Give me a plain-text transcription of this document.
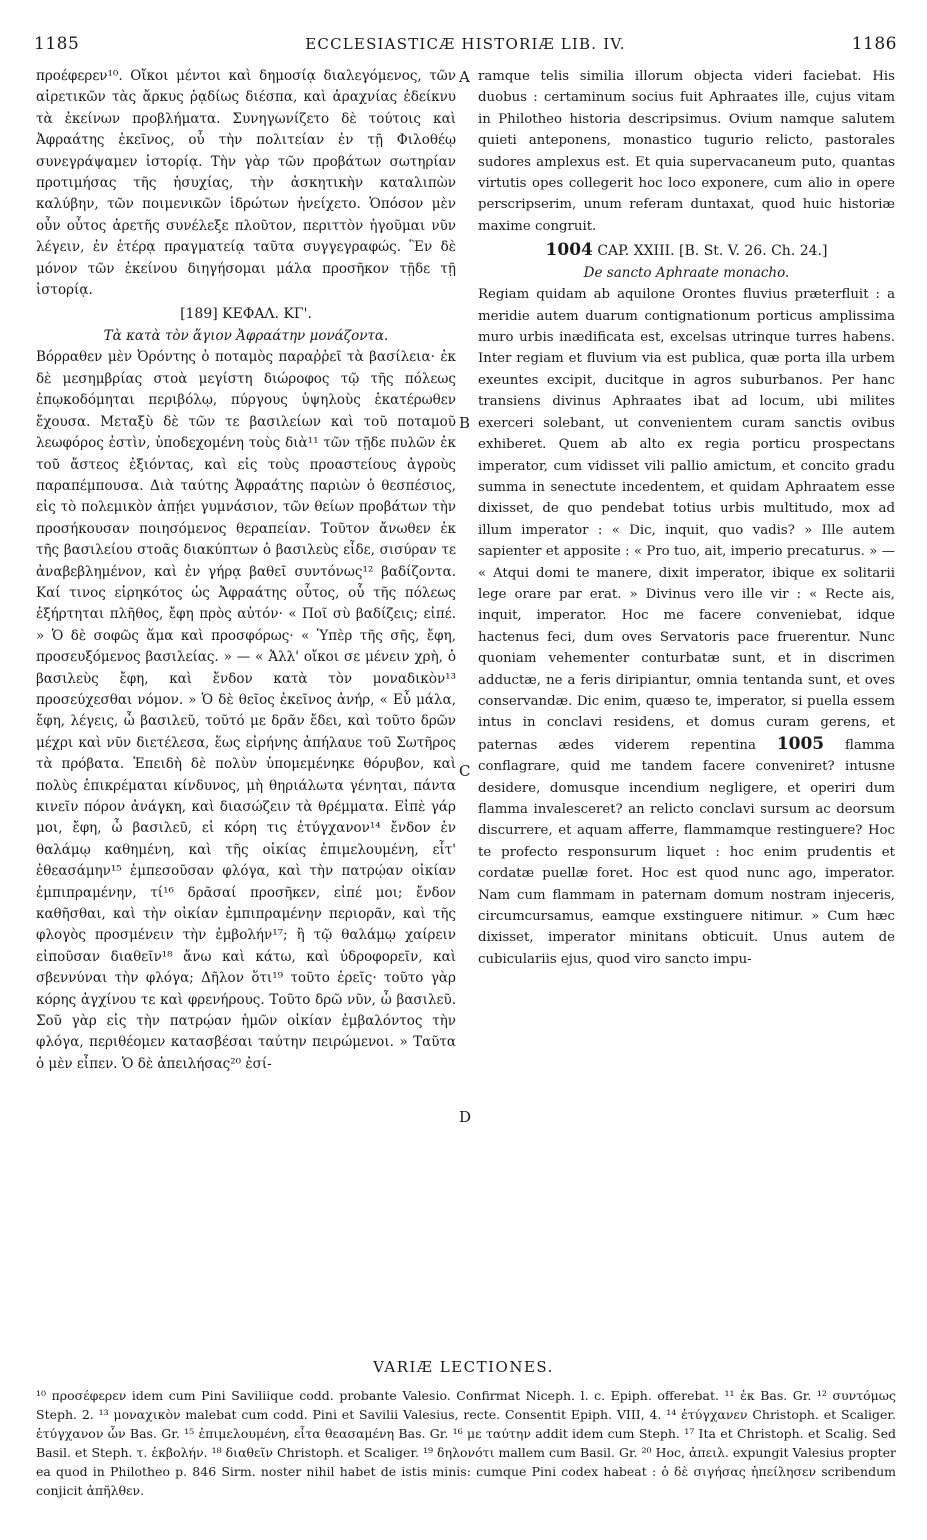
1185	ECCLESIASTICÆ HISTORIÆ LIB. IV.	1186

προέφερεν¹⁰. Οἴκοι μέντοι καὶ δημοσίᾳ διαλεγόμενος, τῶν αἱρετικῶν τὰς ἄρκυς ῥᾳδίως διέσπα, καὶ ἀραχνίας ἐδείκνυ τὰ ἐκείνων προβλήματα. Συνηγωνίζετο δὲ τούτοις καὶ Ἀφραάτης ἐκεῖνος, οὗ τὴν πολιτείαν ἐν τῇ Φιλοθέῳ συνεγράψαμεν ἱστορίᾳ. Τὴν γὰρ τῶν προβάτων σωτηρίαν προτιμήσας τῆς ἡσυχίας, τὴν ἀσκητικὴν καταλιπὼν καλύβην, τῶν ποιμενικῶν ἱδρώτων ἠνείχετο. Ὁπόσον μὲν οὖν οὗτος ἀρετῆς συνέλεξε πλοῦτον, περιττὸν ἡγοῦμαι νῦν λέγειν, ἐν ἑτέρᾳ πραγματείᾳ ταῦτα συγγεγραφώς. Ἓν δὲ μόνον τῶν ἐκείνου διηγήσομαι μάλα προσῆκον τῇδε τῇ ἱστορίᾳ.

[189] ΚΕΦΑΛ. ΚΓ'.
Τὰ κατὰ τὸν ἅγιον Ἀφραάτην μονάζοντα.

Βόρραθεν μὲν Ὀρόντης ὁ ποταμὸς παραῤῥεῖ τὰ βασίλεια· ἐκ δὲ μεσημβρίας στοὰ μεγίστη διώροφος τῷ τῆς πόλεως ἐπῳκοδόμηται περιβόλῳ, πύργους ὑψηλοὺς ἑκατέρωθεν ἔχουσα. Μεταξὺ δὲ τῶν τε βασιλείων καὶ τοῦ ποταμοῦ λεωφόρος ἐστὶν, ὑποδεχομένη τοὺς διὰ¹¹ τῶν τῇδε πυλῶν ἐκ τοῦ ἄστεος ἐξιόντας, καὶ εἰς τοὺς προαστείους ἀγροὺς παραπέμπουσα. Διὰ ταύτης Ἀφραάτης παριὼν ὁ θεσπέσιος, εἰς τὸ πολεμικὸν ἀπῄει γυμνάσιον, τῶν θείων προβάτων τὴν προσήκουσαν ποιησόμενος θεραπείαν. Τοῦτον ἄνωθεν ἐκ τῆς βασιλείου στοᾶς διακύπτων ὁ βασιλεὺς εἶδε, σισύραν τε ἀναβεβλημένον, καὶ ἐν γήρᾳ βαθεῖ συντόνως¹² βαδίζοντα. Καί τινος εἰρηκότος ὡς Ἀφραάτης οὗτος, οὗ τῆς πόλεως ἐξήρτηται πλῆθος, ἔφη πρὸς αὐτόν· « Ποῖ σὺ βαδίζεις; εἰπέ. » Ὁ δὲ σοφῶς ἅμα καὶ προσφόρως· « Ὑπὲρ τῆς σῆς, ἔφη, προσευξόμενος βασιλείας. » — « Ἀλλ' οἴκοι σε μένειν χρὴ, ὁ βασιλεὺς ἔφη, καὶ ἔνδον κατὰ τὸν μοναδικὸν¹³ προσεύχεσθαι νόμον. » Ὁ δὲ θεῖος ἐκεῖνος ἀνήρ, « Εὖ μάλα, ἔφη, λέγεις, ὦ βασιλεῦ, τοῦτό με δρᾶν ἔδει, καὶ τοῦτο δρῶν μέχρι καὶ νῦν διετέλεσα, ἕως εἰρήνης ἀπήλαυε τοῦ Σωτῆρος τὰ πρόβατα. Ἐπειδὴ δὲ πολὺν ὑπομεμένηκε θόρυβον, καὶ πολὺς ἐπικρέμαται κίνδυνος, μὴ θηριάλωτα γένηται, πάντα κινεῖν πόρον ἀνάγκη, καὶ διασώζειν τὰ θρέμματα. Εἰπὲ γάρ μοι, ἔφη, ὦ βασιλεῦ, εἰ κόρη τις ἐτύγχανον¹⁴ ἔνδον ἐν θαλάμῳ καθημένη, καὶ τῆς οἰκίας ἐπιμελουμένη, εἶτ' ἐθεασάμην¹⁵ ἐμπεσοῦσαν φλόγα, καὶ τὴν πατρῴαν οἰκίαν ἐμπιπραμένην, τί¹⁶ δρᾶσαί προσῆκεν, εἰπέ μοι; ἔνδον καθῆσθαι, καὶ τὴν οἰκίαν ἐμπιπραμένην περιορᾶν, καὶ τῆς φλογὸς προσμένειν τὴν ἐμβολήν¹⁷; ἢ τῷ θαλάμῳ χαίρειν εἰποῦσαν διαθεῖν¹⁸ ἄνω καὶ κάτω, καὶ ὑδροφορεῖν, καὶ σβεννύναι τὴν φλόγα; Δῆλον ὅτι¹⁹ τοῦτο ἐρεῖς· τοῦτο γὰρ κόρης ἀγχίνου τε καὶ φρενήρους. Τοῦτο δρῶ νῦν, ὦ βασιλεῦ. Σοῦ γὰρ εἰς τὴν πατρῴαν ἡμῶν οἰκίαν ἐμβαλόντος τὴν φλόγα, περιθέομεν κατασβέσαι ταύτην πειρώμενοι. » Ταῦτα ὁ μὲν εἶπεν. Ὁ δὲ ἀπειλήσας²⁰ ἐσί-

A
B
C
D

ramque telis similia illorum objecta videri faciebat. His duobus : certaminum socius fuit Aphraates ille, cujus vitam in Philotheo historia descripsimus. Ovium namque salutem quieti anteponens, monastico tugurio relicto, pastorales sudores amplexus est. Et quia supervacaneum puto, quantas virtutis opes collegerit hoc loco exponere, cum alio in opere perscripserim, unum referam duntaxat, quod huic historiæ maxime congruit.

1004 CAP. XXIII. [B. St. V. 26. Ch. 24.]
De sancto Aphraate monacho.

Regiam quidam ab aquilone Orontes fluvius præterfluit : a meridie autem duarum contignationum porticus amplissima muro urbis inædificata est, excelsas utrinque turres habens. Inter regiam et fluvium via est publica, quæ porta illa urbem exeuntes excipit, ducitque in agros suburbanos. Per hanc transiens divinus Aphraates ibat ad locum, ubi milites exerceri solebant, ut convenientem curam sanctis ovibus exhiberet. Quem ab alto ex regia porticu prospectans imperator, cum vidisset vili pallio amictum, et concito gradu summa in senectute incedentem, et quidam Aphraatem esse dixisset, de quo pendebat totius urbis multitudo, mox ad illum imperator : « Dic, inquit, quo vadis? » Ille autem sapienter et apposite : « Pro tuo, ait, imperio precaturus. » — « Atqui domi te manere, dixit imperator, ibique ex solitarii lege orare par erat. » Divinus vero ille vir : « Recte ais, inquit, imperator. Hoc me facere conveniebat, idque hactenus feci, dum oves Servatoris pace fruerentur. Nunc quoniam vehementer conturbatæ sunt, et in discrimen adductæ, ne a feris diripiantur, omnia tentanda sunt, et oves conservandæ. Dic enim, quæso te, imperator, si puella essem intus in conclavi residens, et domus curam gerens, et paternas ædes viderem repentina 1005 flamma conflagrare, quid me tandem facere conveniret? intusne desidere, domusque incendium negligere, et operiri dum flamma invalesceret? an relicto conclavi sursum ac deorsum discurrere, et aquam afferre, flammamque restinguere? Hoc te profecto responsurum liquet : hoc enim prudentis et cordatæ puellæ foret. Hoc est quod nunc ago, imperator. Nam cum flammam in paternam domum nostram injeceris, circumcursamus, eamque exstinguere nitimur. » Cum hæc dixisset, imperator minitans obticuit. Unus autem de cubiculariis ejus, quod viro sancto impu-

VARIÆ LECTIONES.

¹⁰ προσέφερεν idem cum Pini Saviliique codd. probante Valesio. Confirmat Niceph. l. c. Epiph. offerebat. ¹¹ ἐκ Bas. Gr. ¹² συντόμως Steph. 2. ¹³ μοναχικὸν malebat cum codd. Pini et Savilii Valesius, recte. Consentit Epiph. VIII, 4. ¹⁴ ἐτύγχανεν Christoph. et Scaliger. ἐτύγχανον ὧν Bas. Gr. ¹⁵ ἐπιμελουμένη, εἶτα θεασαμένη Bas. Gr. ¹⁶ με ταύτην addit idem cum Steph. ¹⁷ Ita et Christoph. et Scalig. Sed Basil. et Steph. τ. ἐκβολήν. ¹⁸ διαθεῖν Christoph. et Scaliger. ¹⁹ δηλονότι mallem cum Basil. Gr. ²⁰ Hoc, ἀπειλ. expungit Valesius propter ea quod in Philotheo p. 846 Sirm. noster nihil habet de istis minis: cumque Pini codex habeat : ὁ δὲ σιγήσας ἠπείλησεν scribendum conjicit ἀπῆλθεν.
